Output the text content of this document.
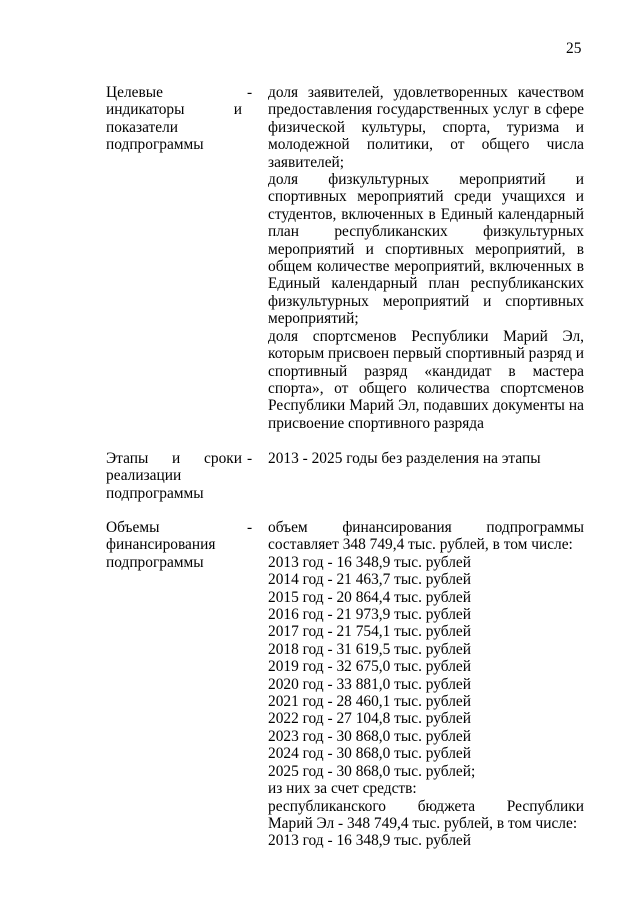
25
Целевые
индикаторы и
показатели
подпрограммы
- доля заявителей, удовлетворенных качеством предоставления государственных услуг в сфере физической культуры, спорта, туризма и молодежной политики, от общего числа заявителей;
доля физкультурных мероприятий и спортивных мероприятий среди учащихся и студентов, включенных в Единый календарный план республиканских физкультурных мероприятий и спортивных мероприятий, в общем количестве мероприятий, включенных в Единый календарный план республиканских физкультурных мероприятий и спортивных мероприятий;
доля спортсменов Республики Марий Эл, которым присвоен первый спортивный разряд и спортивный разряд «кандидат в мастера спорта», от общего количества спортсменов Республики Марий Эл, подавших документы на присвоение спортивного разряда
Этапы и сроки
реализации
подпрограммы
- 2013 - 2025 годы без разделения на этапы
Объемы
финансирования
подпрограммы
- объем финансирования подпрограммы составляет 348 749,4 тыс. рублей, в том числе:
2013 год - 16 348,9 тыс. рублей
2014 год - 21 463,7 тыс. рублей
2015 год - 20 864,4 тыс. рублей
2016 год - 21 973,9 тыс. рублей
2017 год - 21 754,1 тыс. рублей
2018 год - 31 619,5 тыс. рублей
2019 год - 32 675,0 тыс. рублей
2020 год - 33 881,0 тыс. рублей
2021 год - 28 460,1 тыс. рублей
2022 год - 27 104,8 тыс. рублей
2023 год - 30 868,0 тыс. рублей
2024 год - 30 868,0 тыс. рублей
2025 год - 30 868,0 тыс. рублей;
из них за счет средств:
республиканского бюджета Республики
Марий Эл - 348 749,4 тыс. рублей, в том числе:
2013 год - 16 348,9 тыс. рублей
